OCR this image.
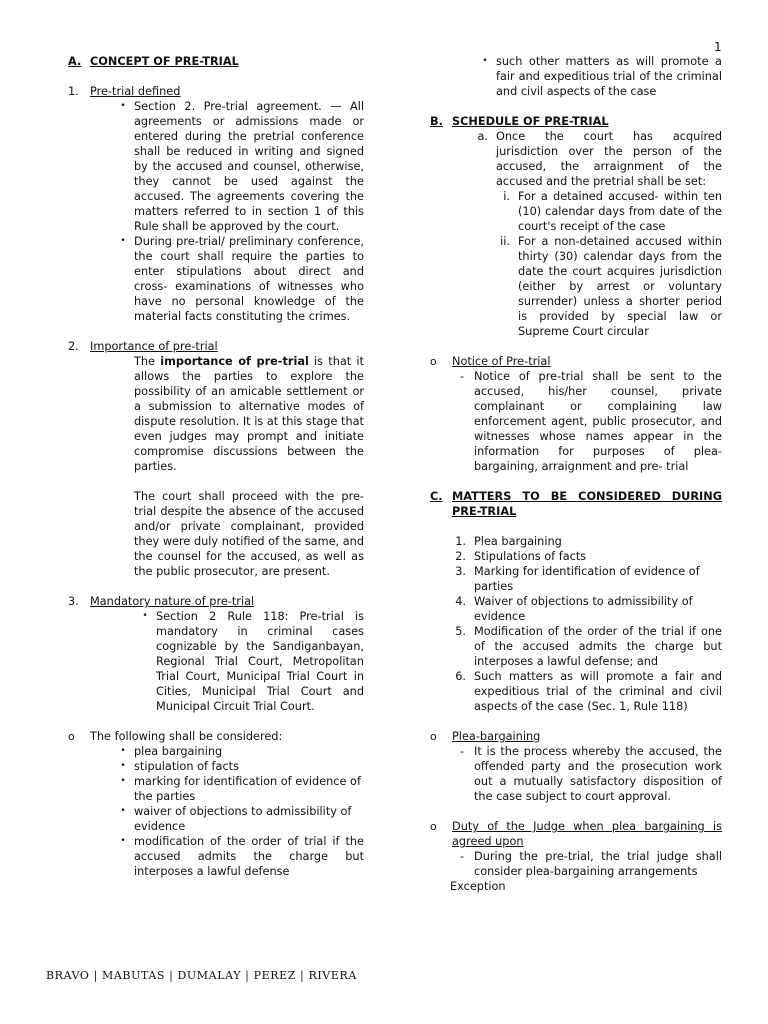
1
A. CONCEPT OF PRE-TRIAL
1. Pre-trial defined
• Section 2. Pre-trial agreement. — All agreements or admissions made or entered during the pretrial conference shall be reduced in writing and signed by the accused and counsel, otherwise, they cannot be used against the accused. The agreements covering the matters referred to in section 1 of this Rule shall be approved by the court.
• During pre-trial/ preliminary conference, the court shall require the parties to enter stipulations about direct and cross- examinations of witnesses who have no personal knowledge of the material facts constituting the crimes.
2. Importance of pre-trial

The importance of pre-trial is that it allows the parties to explore the possibility of an amicable settlement or a submission to alternative modes of dispute resolution. It is at this stage that even judges may prompt and initiate compromise discussions between the parties.

The court shall proceed with the pre-trial despite the absence of the accused and/or private complainant, provided they were duly notified of the same, and the counsel for the accused, as well as the public prosecutor, are present.

3. Mandatory nature of pre-trial
• Section 2 Rule 118: Pre-trial is mandatory in criminal cases cognizable by the Sandiganbayan, Regional Trial Court, Metropolitan Trial Court, Municipal Trial Court in Cities, Municipal Trial Court and Municipal Circuit Trial Court.
o	The following shall be considered:
• plea bargaining
• stipulation of facts
• marking for identification of evidence of the parties
• waiver of objections to admissibility of evidence
• modification of the order of trial if the accused admits the charge but interposes a lawful defense
• such other matters as will promote a fair and expeditious trial of the criminal and civil aspects of the case
B. SCHEDULE OF PRE-TRIAL
a. Once the court has acquired jurisdiction over the person of the accused, the arraignment of the accused and the pretrial shall be set:
i. For a detained accused- within ten (10) calendar days from date of the court's receipt of the case
ii. For a non-detained accused within thirty (30) calendar days from the date the court acquires jurisdiction (either by arrest or voluntary surrender) unless a shorter period is provided by special law or Supreme Court circular
o	Notice of Pre-trial
- Notice of pre-trial shall be sent to the accused, his/her counsel, private complainant or complaining law enforcement agent, public prosecutor, and witnesses whose names appear in the information for purposes of plea-bargaining, arraignment and pre- trial
C. MATTERS TO BE CONSIDERED DURING PRE-TRIAL
1. Plea bargaining
2. Stipulations of facts
3. Marking for identification of evidence of parties
4. Waiver of objections to admissibility of evidence
5. Modification of the order of the trial if one of the accused admits the charge but interposes a lawful defense; and
6. Such matters as will promote a fair and expeditious trial of the criminal and civil aspects of the case (Sec. 1, Rule 118)
o	Plea-bargaining
- It is the process whereby the accused, the offended party and the prosecution work out a mutually satisfactory disposition of the case subject to court approval.
o	Duty of the Judge when plea bargaining is agreed upon
- During the pre-trial, the trial judge shall consider plea-bargaining arrangements
Exception
BRAVO | MABUTAS | DUMALAY | PEREZ | RIVERA
